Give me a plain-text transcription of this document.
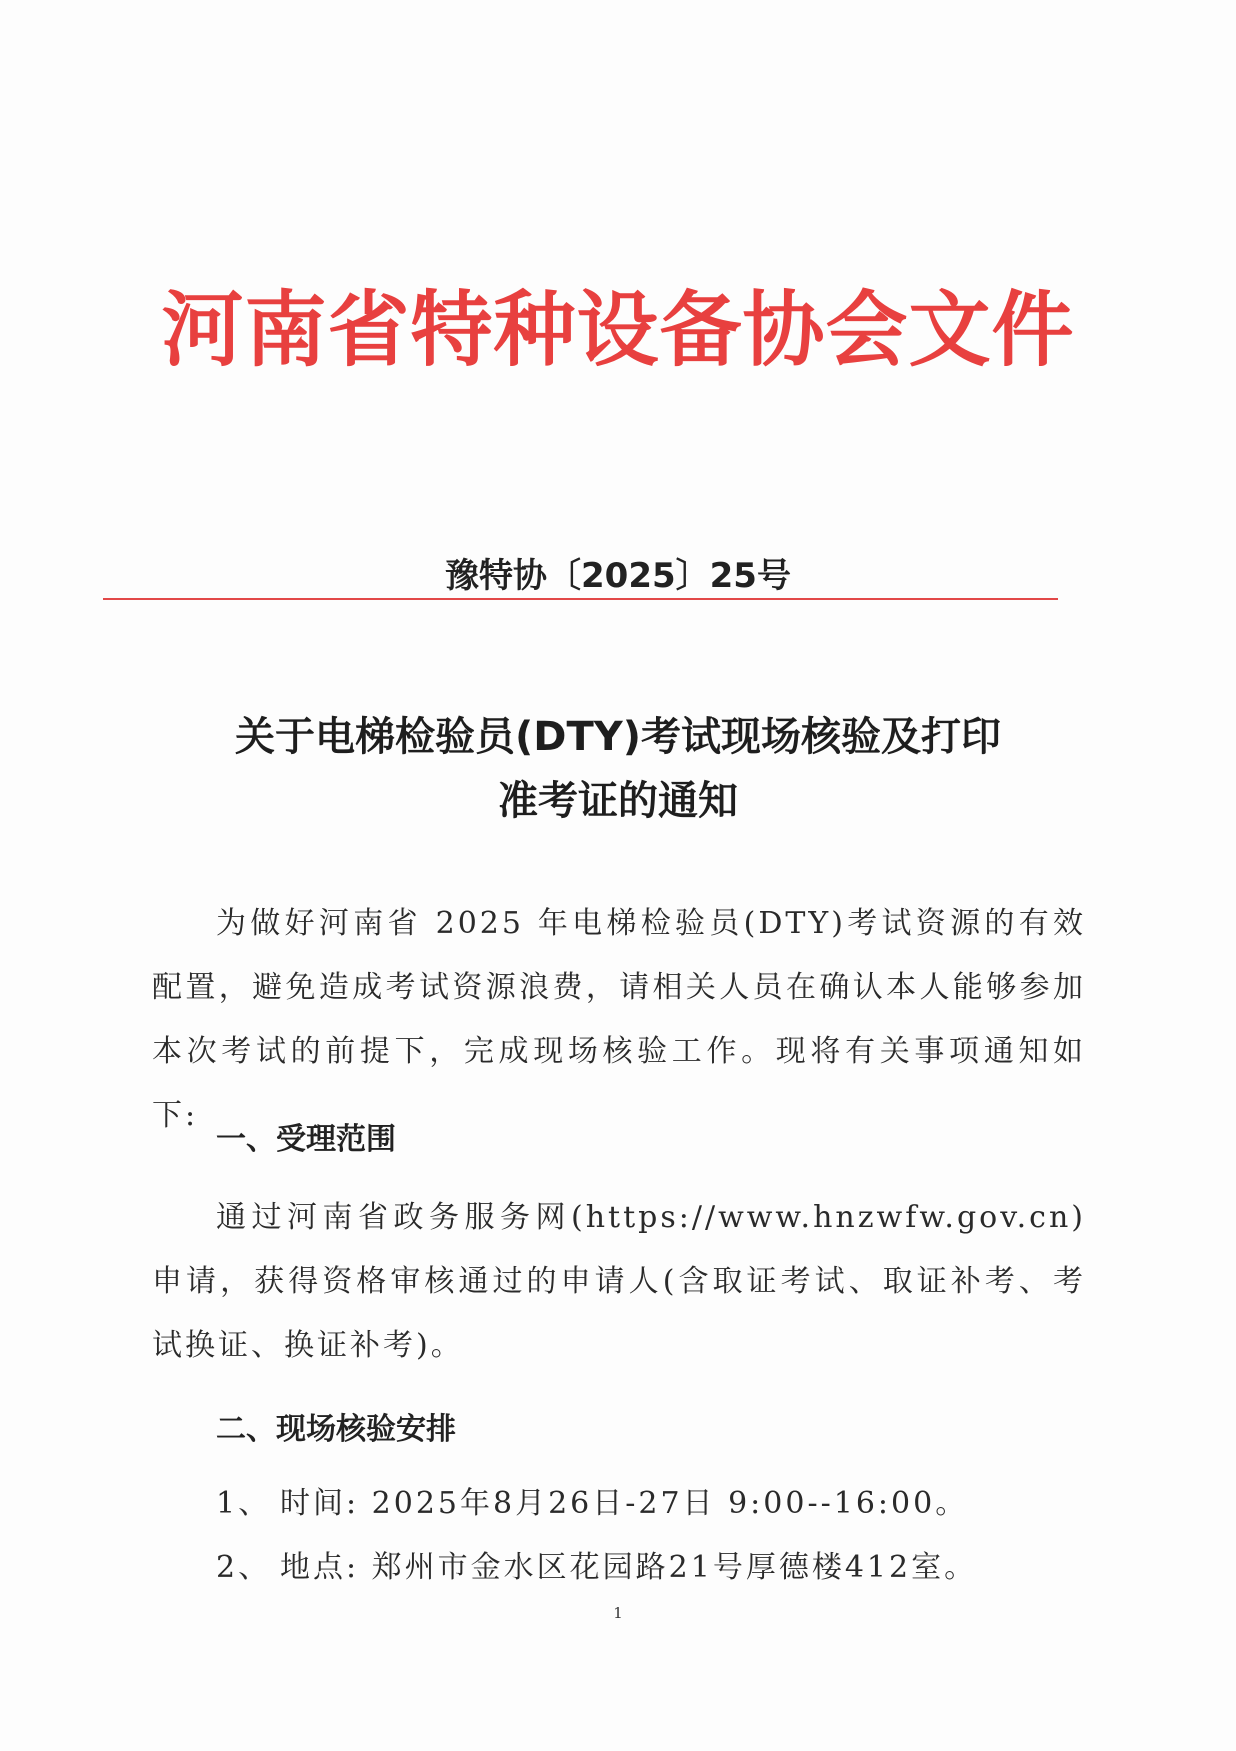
河南省特种设备协会文件
豫特协〔2025〕25号
关于电梯检验员(DTY)考试现场核验及打印
准考证的通知
为做好河南省 2025 年电梯检验员(DTY)考试资源的有效配置，避免造成考试资源浪费，请相关人员在确认本人能够参加本次考试的前提下，完成现场核验工作。现将有关事项通知如下:
一、受理范围
通过河南省政务服务网(https://www.hnzwfw.gov.cn)申请，获得资格审核通过的申请人(含取证考试、取证补考、考试换证、换证补考)。
二、现场核验安排
1、 时间: 2025年8月26日-27日 9:00--16:00。
2、 地点: 郑州市金水区花园路21号厚德楼412室。
1
